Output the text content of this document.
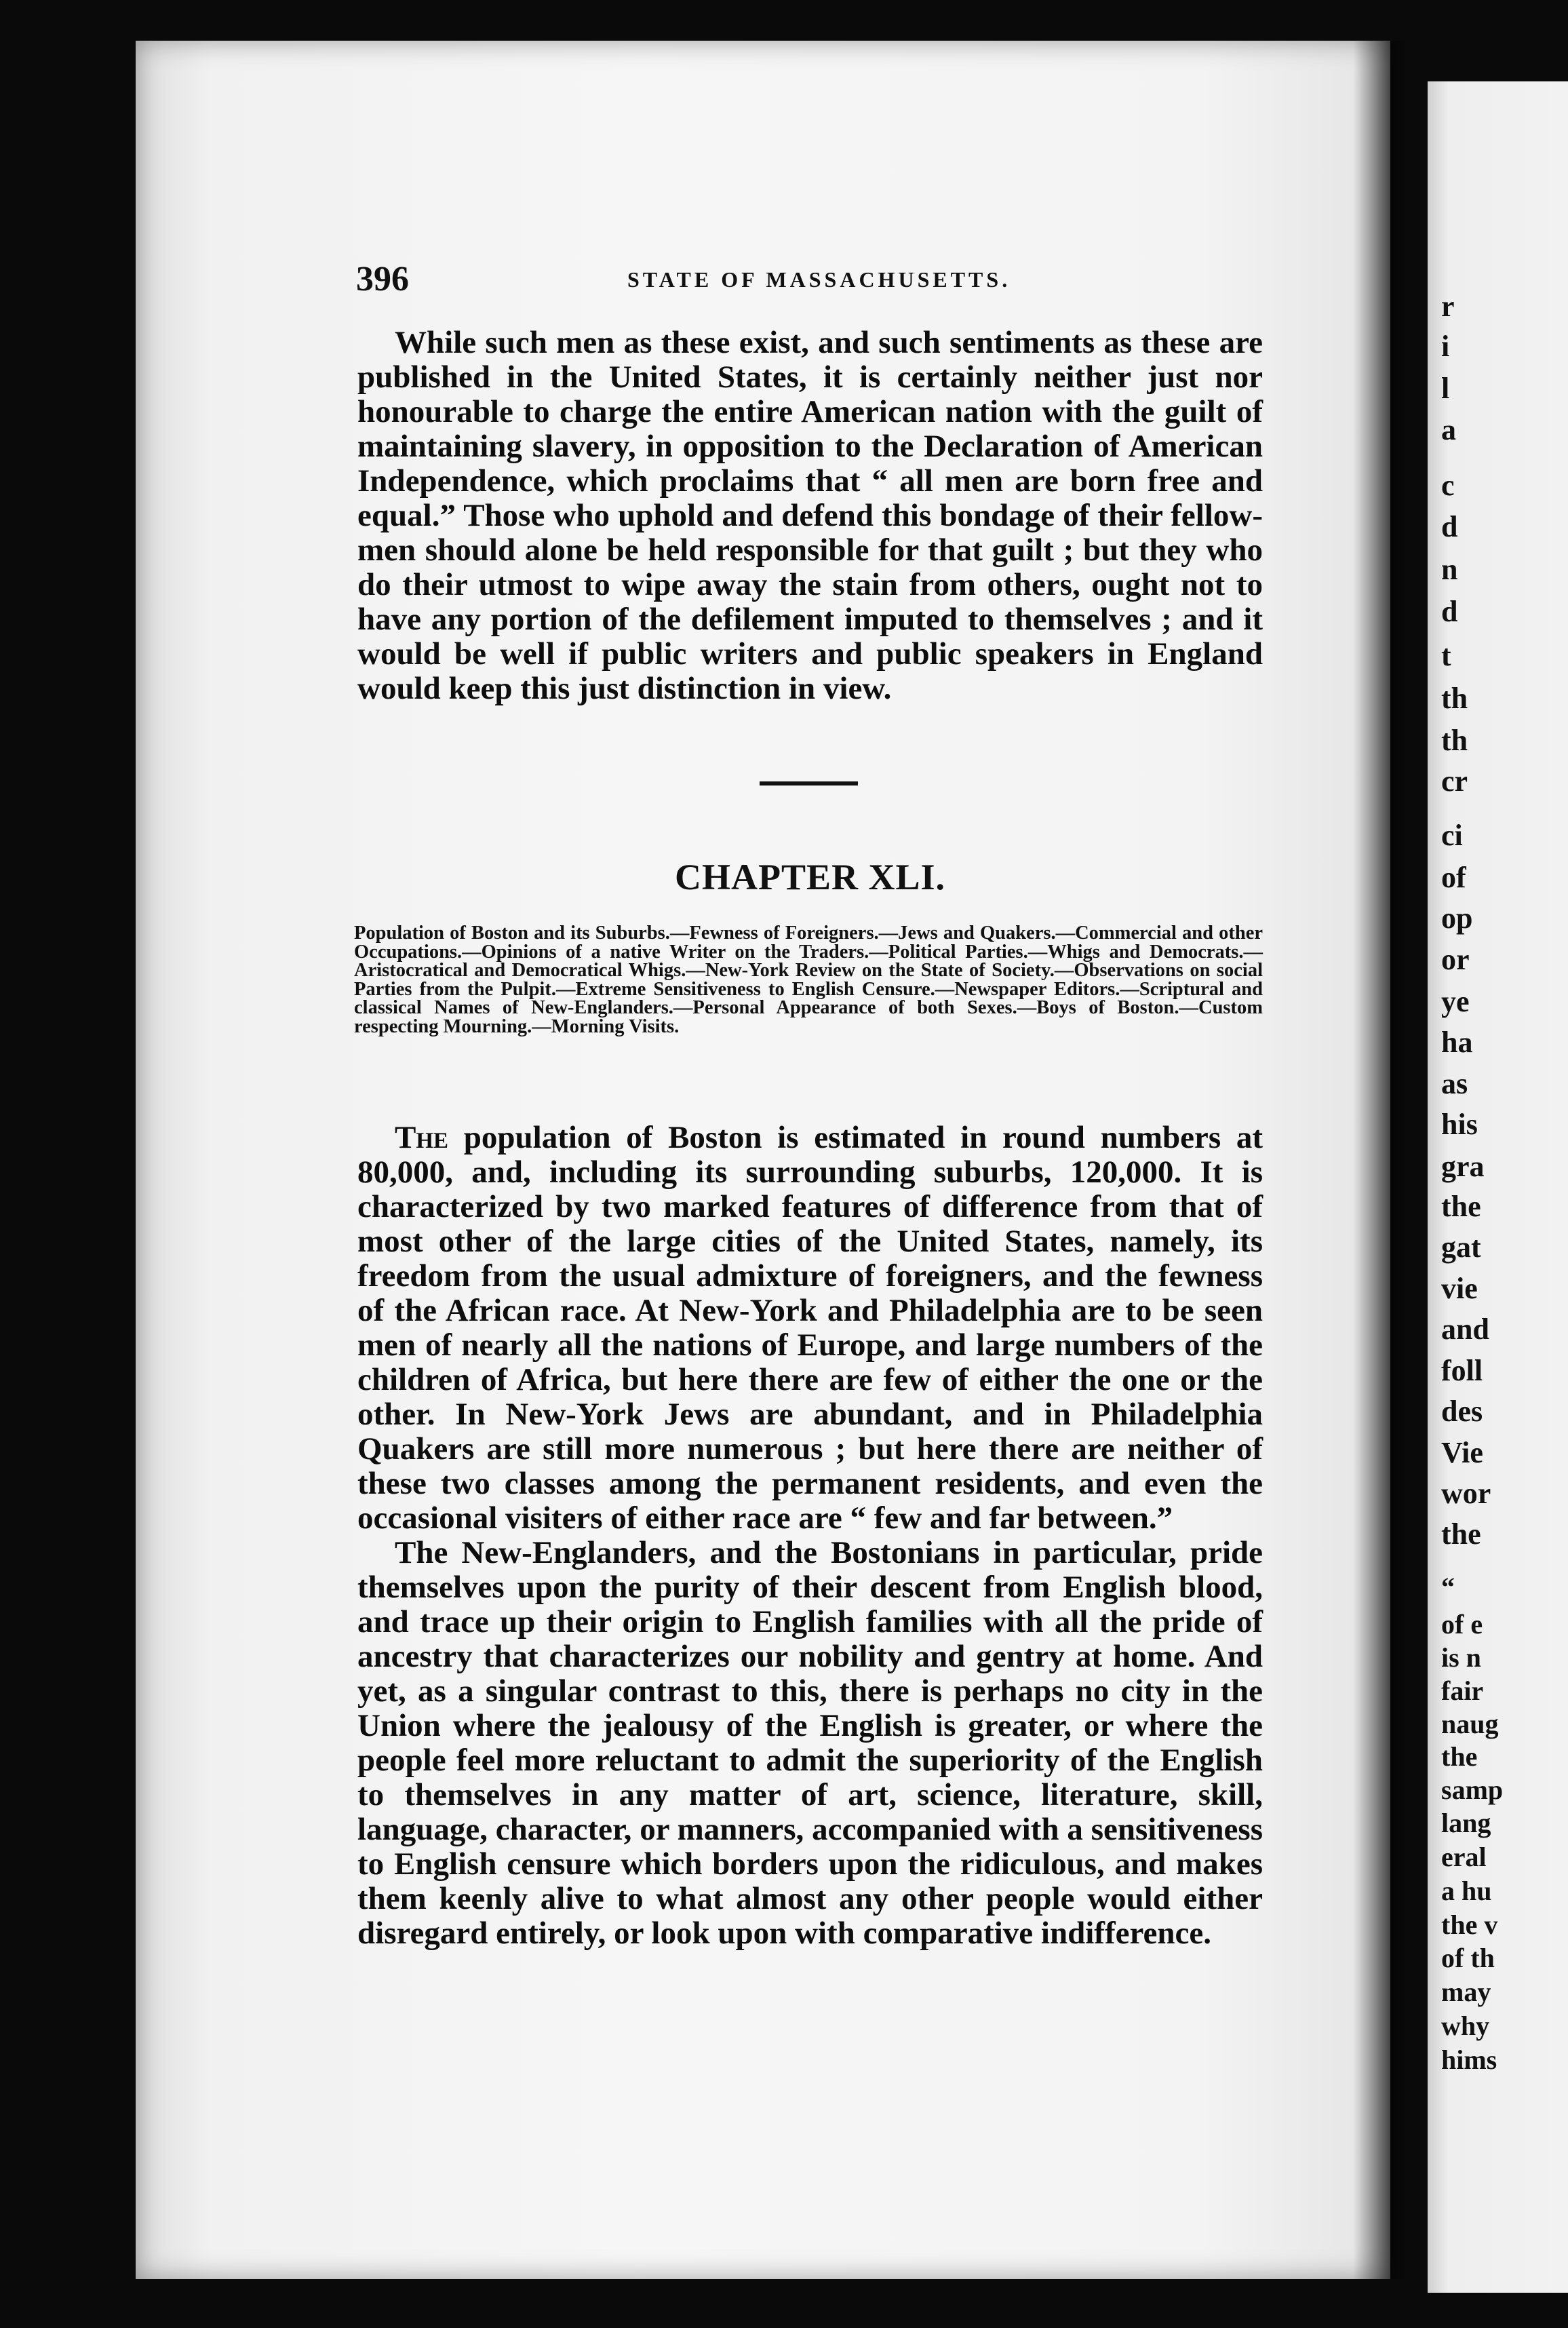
r
i
l
a
c
d
n
d
t
th
th
cr
ci
of
op
or
ye
ha
as
his
gra
the
gat
vie
and
foll
des
Vie
wor
the
“
of e
is n
fair
naug
the
samp
lang
eral
a hu
the v
of th
may
why
hims
396	STATE OF MASSACHUSETTS.

While such men as these exist, and such sentiments as these are published in the United States, it is certainly neither just nor honourable to charge the entire American nation with the guilt of maintaining slavery, in opposition to the Declaration of American Independence, which proclaims that “ all men are born free and equal.” Those who uphold and defend this bondage of their fellow-men should alone be held responsible for that guilt ; but they who do their utmost to wipe away the stain from others, ought not to have any portion of the defilement imputed to themselves ; and it would be well if public writers and public speakers in England would keep this just distinction in view.

CHAPTER XLI.
Population of Boston and its Suburbs.—Fewness of Foreigners.—Jews and Quakers.—Commercial and other Occupations.—Opinions of a native Writer on the Traders.—Political Parties.—Whigs and Democrats.—Aristocratical and Democratical Whigs.—New-York Review on the State of Society.—Observations on social Parties from the Pulpit.—Extreme Sensitiveness to English Censure.—Newspaper Editors.—Scriptural and classical Names of New-Englanders.—Personal Appearance of both Sexes.—Boys of Boston.—Custom respecting Mourning.—Morning Visits.

The population of Boston is estimated in round numbers at 80,000, and, including its surrounding suburbs, 120,000. It is characterized by two marked features of difference from that of most other of the large cities of the United States, namely, its freedom from the usual admixture of foreigners, and the fewness of the African race. At New-York and Philadelphia are to be seen men of nearly all the nations of Europe, and large numbers of the children of Africa, but here there are few of either the one or the other. In New-York Jews are abundant, and in Philadelphia Quakers are still more numerous ; but here there are neither of these two classes among the permanent residents, and even the occasional visiters of either race are “ few and far between.”

The New-Englanders, and the Bostonians in particular, pride themselves upon the purity of their descent from English blood, and trace up their origin to English families with all the pride of ancestry that characterizes our nobility and gentry at home. And yet, as a singular contrast to this, there is perhaps no city in the Union where the jealousy of the English is greater, or where the people feel more reluctant to admit the superiority of the English to themselves in any matter of art, science, literature, skill, language, character, or manners, accompanied with a sensitiveness to English censure which borders upon the ridiculous, and makes them keenly alive to what almost any other people would either disregard entirely, or look upon with comparative indifference.
